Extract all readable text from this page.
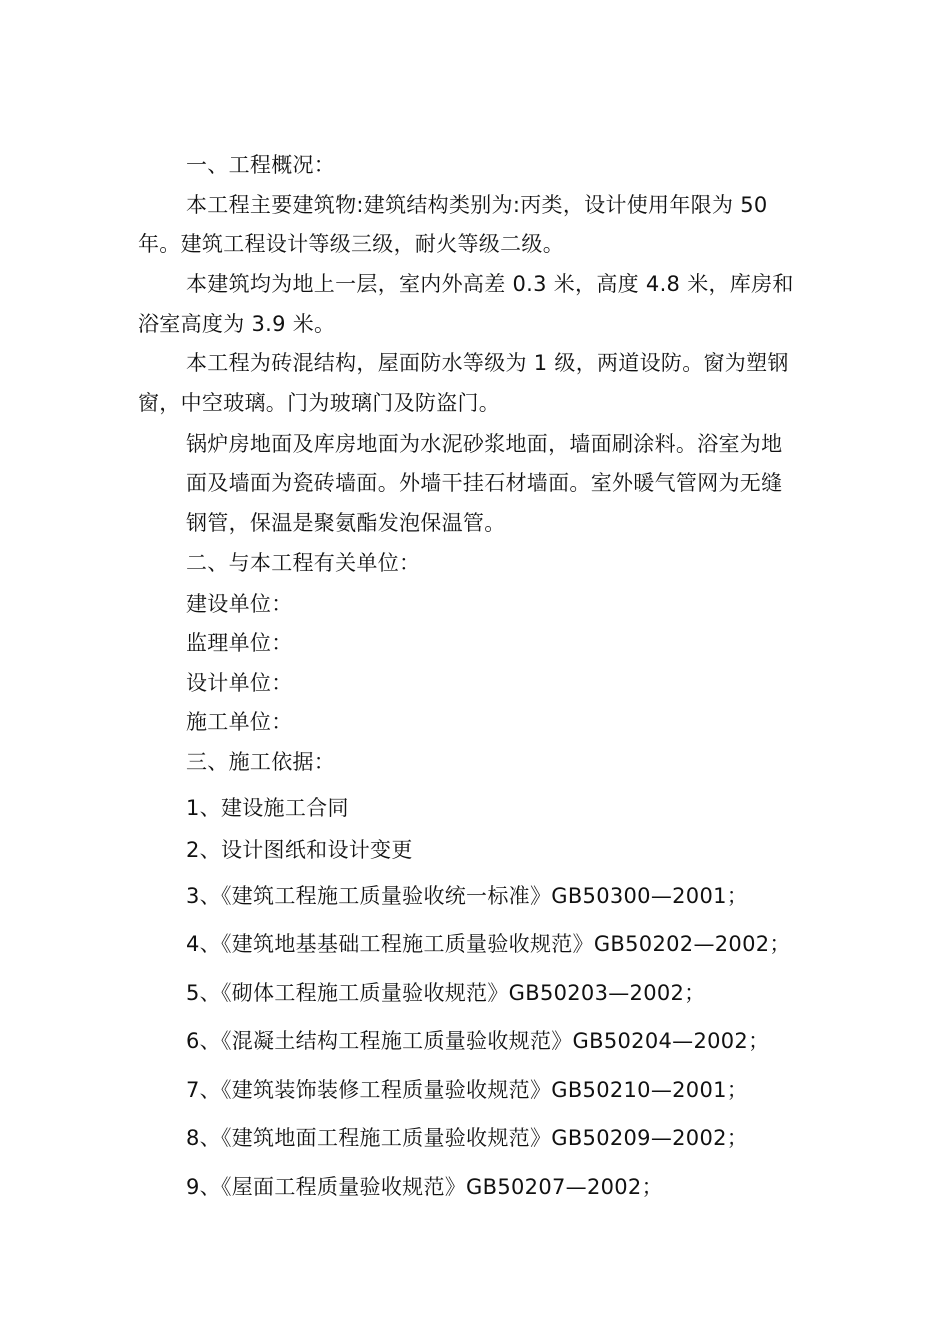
一、工程概况：
本工程主要建筑物:建筑结构类别为:丙类，设计使用年限为 50
年。建筑工程设计等级三级，耐火等级二级。
本建筑均为地上一层，室内外高差 0.3 米，高度 4.8 米，库房和
浴室高度为 3.9 米。
本工程为砖混结构，屋面防水等级为 1 级，两道设防。窗为塑钢
窗，中空玻璃。门为玻璃门及防盗门。
锅炉房地面及库房地面为水泥砂浆地面，墙面刷涂料。浴室为地
面及墙面为瓷砖墙面。外墙干挂石材墙面。室外暖气管网为无缝
钢管，保温是聚氨酯发泡保温管。
二、与本工程有关单位：
建设单位：
监理单位：
设计单位：
施工单位：
三、施工依据：
1、建设施工合同
2、设计图纸和设计变更
3、《建筑工程施工质量验收统一标准》GB50300—2001；
4、《建筑地基基础工程施工质量验收规范》GB50202—2002；
5、《砌体工程施工质量验收规范》GB50203—2002；
6、《混凝土结构工程施工质量验收规范》GB50204—2002；
7、《建筑装饰装修工程质量验收规范》GB50210—2001；
8、《建筑地面工程施工质量验收规范》GB50209—2002；
9、《屋面工程质量验收规范》GB50207—2002；
